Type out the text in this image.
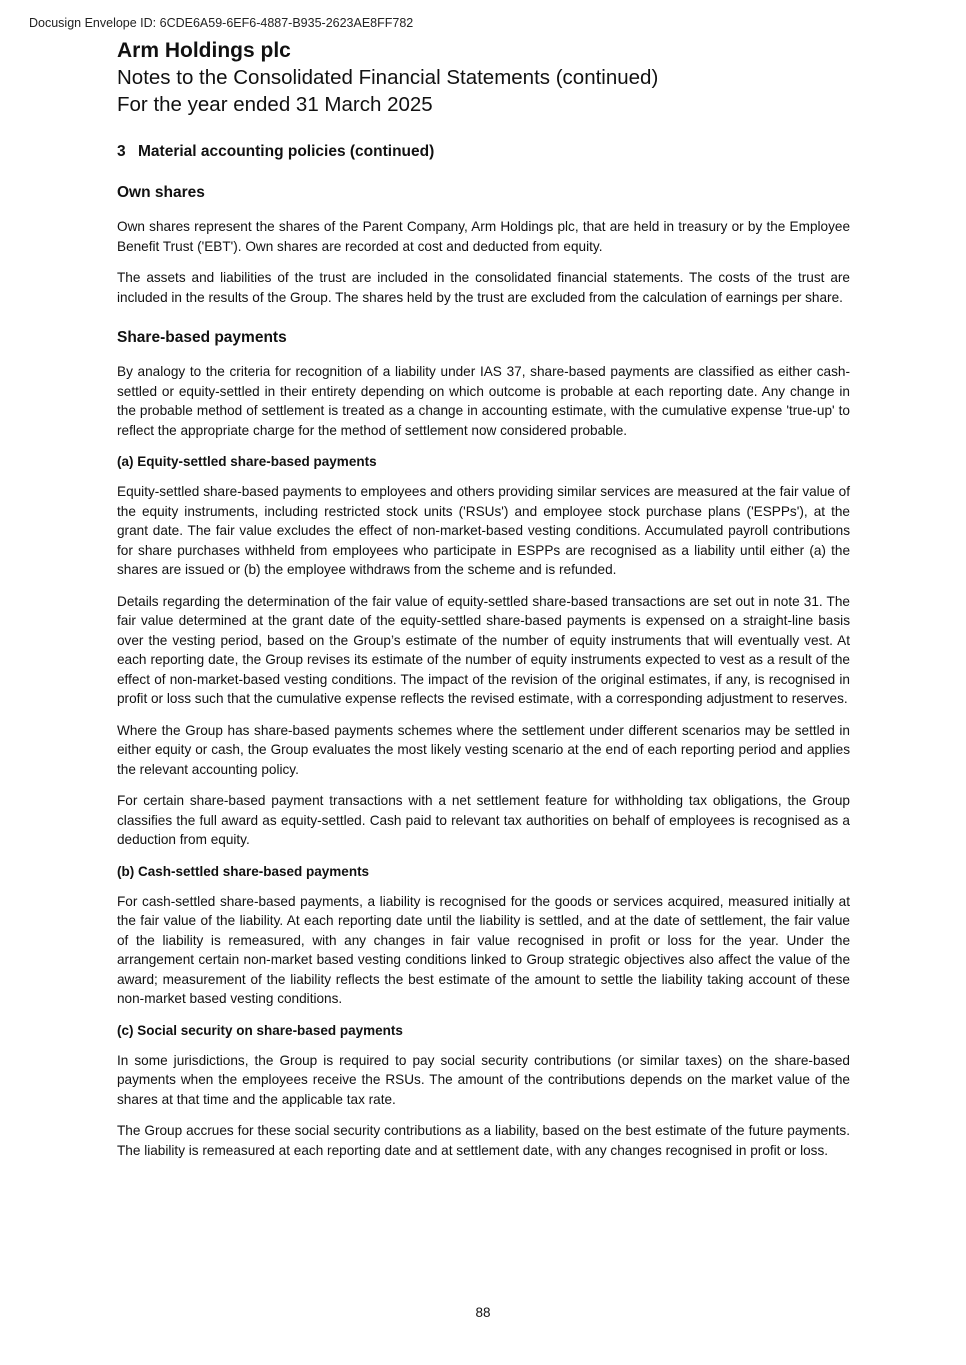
Docusign Envelope ID: 6CDE6A59-6EF6-4887-B935-2623AE8FF782
Arm Holdings plc
Notes to the Consolidated Financial Statements (continued)
For the year ended 31 March 2025
3 Material accounting policies (continued)
Own shares

Own shares represent the shares of the Parent Company, Arm Holdings plc, that are held in treasury or by the Employee Benefit Trust ('EBT'). Own shares are recorded at cost and deducted from equity.

The assets and liabilities of the trust are included in the consolidated financial statements. The costs of the trust are included in the results of the Group. The shares held by the trust are excluded from the calculation of earnings per share.

Share-based payments

By analogy to the criteria for recognition of a liability under IAS 37, share-based payments are classified as either cash-settled or equity-settled in their entirety depending on which outcome is probable at each reporting date. Any change in the probable method of settlement is treated as a change in accounting estimate, with the cumulative expense 'true-up' to reflect the appropriate charge for the method of settlement now considered probable.

(a) Equity-settled share-based payments

Equity-settled share-based payments to employees and others providing similar services are measured at the fair value of the equity instruments, including restricted stock units ('RSUs') and employee stock purchase plans ('ESPPs'), at the grant date. The fair value excludes the effect of non-market-based vesting conditions. Accumulated payroll contributions for share purchases withheld from employees who participate in ESPPs are recognised as a liability until either (a) the shares are issued or (b) the employee withdraws from the scheme and is refunded.

Details regarding the determination of the fair value of equity-settled share-based transactions are set out in note 31. The fair value determined at the grant date of the equity-settled share-based payments is expensed on a straight-line basis over the vesting period, based on the Group’s estimate of the number of equity instruments that will eventually vest. At each reporting date, the Group revises its estimate of the number of equity instruments expected to vest as a result of the effect of non-market-based vesting conditions. The impact of the revision of the original estimates, if any, is recognised in profit or loss such that the cumulative expense reflects the revised estimate, with a corresponding adjustment to reserves.

Where the Group has share-based payments schemes where the settlement under different scenarios may be settled in either equity or cash, the Group evaluates the most likely vesting scenario at the end of each reporting period and applies the relevant accounting policy.

For certain share-based payment transactions with a net settlement feature for withholding tax obligations, the Group classifies the full award as equity-settled. Cash paid to relevant tax authorities on behalf of employees is recognised as a deduction from equity.

(b) Cash-settled share-based payments

For cash-settled share-based payments, a liability is recognised for the goods or services acquired, measured initially at the fair value of the liability. At each reporting date until the liability is settled, and at the date of settlement, the fair value of the liability is remeasured, with any changes in fair value recognised in profit or loss for the year. Under the arrangement certain non-market based vesting conditions linked to Group strategic objectives also affect the value of the award; measurement of the liability reflects the best estimate of the amount to settle the liability taking account of these non-market based vesting conditions.

(c) Social security on share-based payments

In some jurisdictions, the Group is required to pay social security contributions (or similar taxes) on the share-based payments when the employees receive the RSUs. The amount of the contributions depends on the market value of the shares at that time and the applicable tax rate.

The Group accrues for these social security contributions as a liability, based on the best estimate of the future payments. The liability is remeasured at each reporting date and at settlement date, with any changes recognised in profit or loss.

88
